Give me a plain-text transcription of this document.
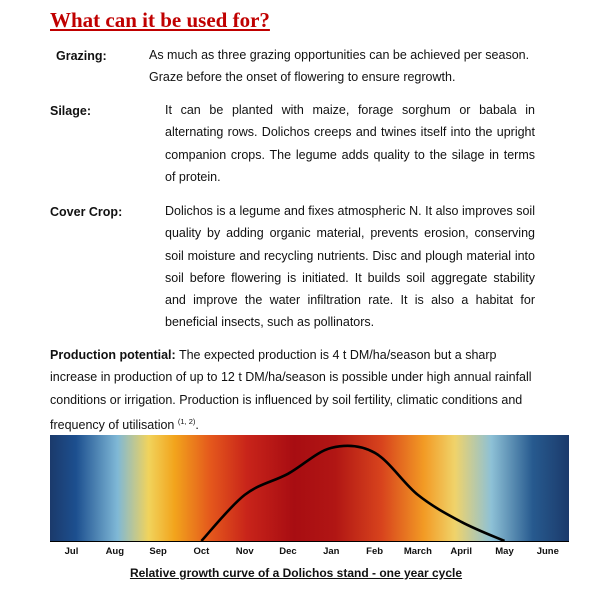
What can it be used for?
Grazing:	As much as three grazing opportunities can be achieved per season.
Graze before the onset of flowering to ensure regrowth.
Silage:	It can be planted with maize, forage sorghum or babala in alternating rows. Dolichos creeps and twines itself into the upright companion crops. The legume adds quality to the silage in terms of protein.
Cover Crop:	Dolichos is a legume and fixes atmospheric N. It also improves soil quality by adding organic material, prevents erosion, conserving soil moisture and recycling nutrients. Disc and plough material into soil before flowering is initiated. It builds soil aggregate stability and improve the water infiltration rate. It is also a habitat for beneficial insects, such as pollinators.
Production potential: The expected production is 4 t DM/ha/season but a sharp increase in production of up to 12 t DM/ha/season is possible under high annual rainfall conditions or irrigation. Production is influenced by soil fertility, climatic conditions and frequency of utilisation $^{(1, 2)}$.
Jul	Aug	Sep	Oct	Nov	Dec	Jan	Feb March April May June
Relative growth curve of a Dolichos stand - one year cycle
